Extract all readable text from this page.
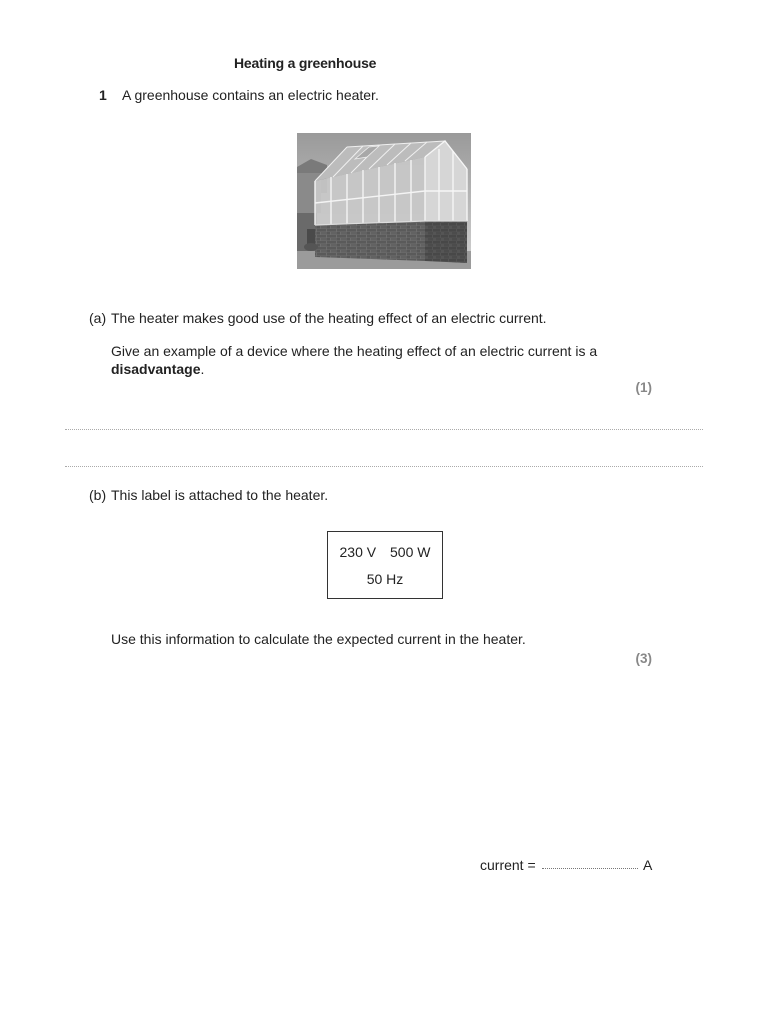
Heating a greenhouse
1 A greenhouse contains an electric heater.
(a) The heater makes good use of the heating effect of an electric current.
Give an example of a device where the heating effect of an electric current is a
disadvantage.
(1)
(b) This label is attached to the heater.
230 V 500 W
50 Hz
Use this information to calculate the expected current in the heater.
(3)
current =	A
